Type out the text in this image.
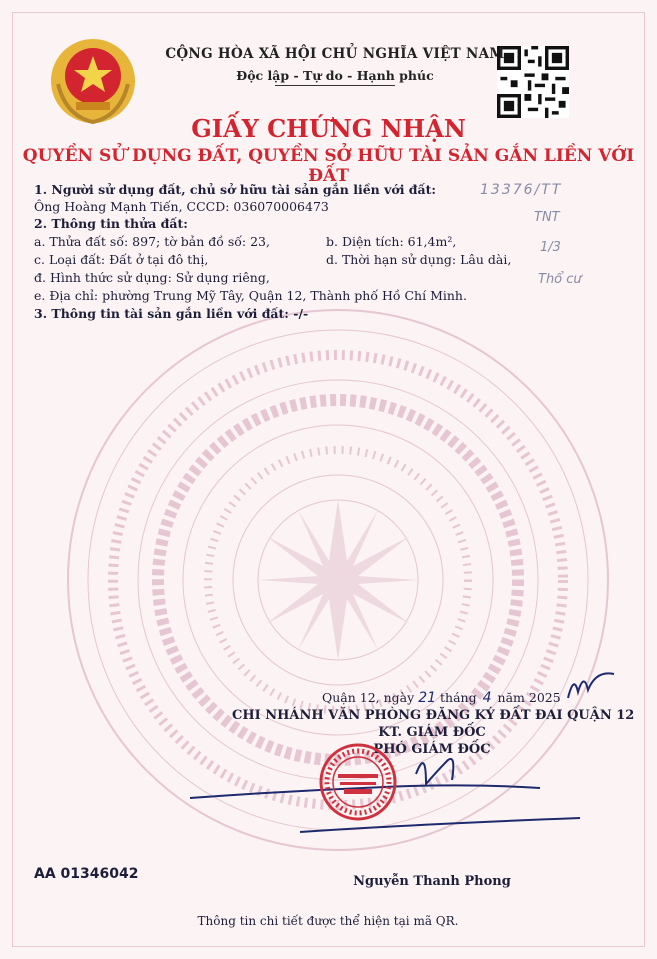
CỘNG HÒA XÃ HỘI CHỦ NGHĨA VIỆT NAM
Độc lập - Tự do - Hạnh phúc
GIẤY CHỨNG NHẬN
QUYỀN SỬ DỤNG ĐẤT, QUYỀN SỞ HỮU TÀI SẢN GẮN LIỀN VỚI ĐẤT
1. Người sử dụng đất, chủ sở hữu tài sản gắn liền với đất:
Ông Hoàng Mạnh Tiến, CCCD: 036070006473
2. Thông tin thửa đất:
a. Thửa đất số: 897; tờ bản đồ số: 23,	b. Diện tích: 61,4m²,
c. Loại đất: Đất ở tại đô thị,	d. Thời hạn sử dụng: Lâu dài,
đ. Hình thức sử dụng: Sử dụng riêng,
e. Địa chỉ: phường Trung Mỹ Tây, Quận 12, Thành phố Hồ Chí Minh.
3. Thông tin tài sản gắn liền với đất: -/-
13376/TT
TNT
1/3
Thổ cư
Quận 12, ngày 21 tháng 4 năm 2025
CHI NHÁNH VĂN PHÒNG ĐĂNG KÝ ĐẤT ĐAI QUẬN 12
KT. GIÁM ĐỐC
PHÓ GIÁM ĐỐC
AA 01346042	Nguyễn Thanh Phong
Thông tin chi tiết được thể hiện tại mã QR.
